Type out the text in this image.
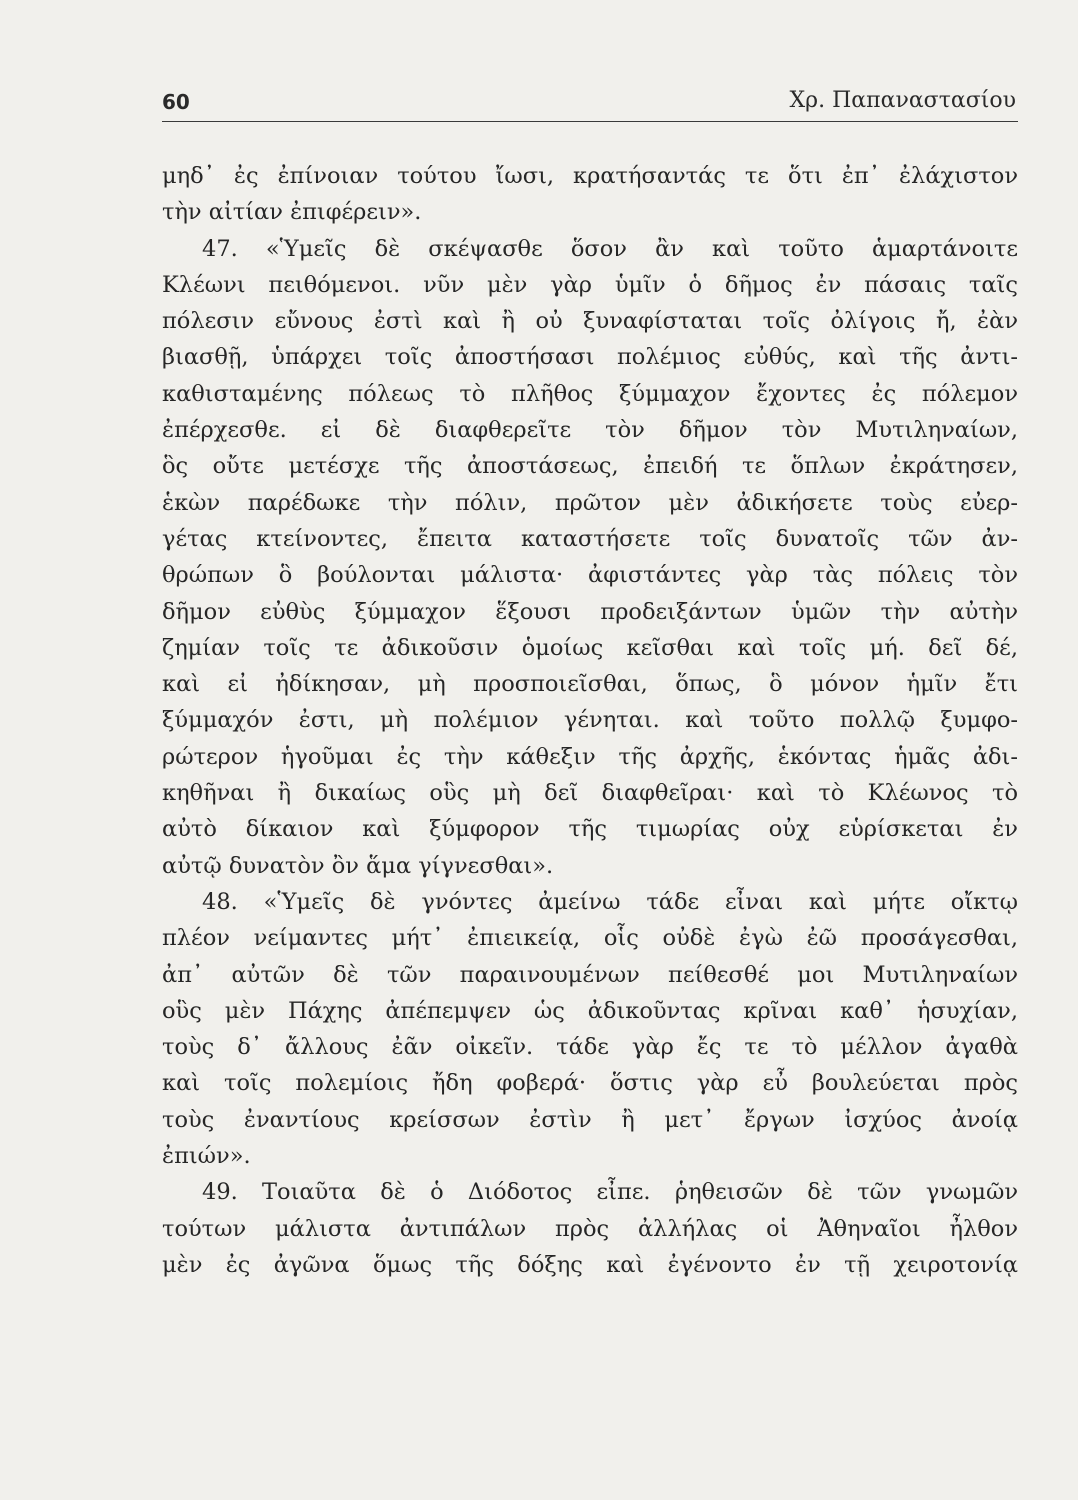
60	Χρ. Παπαναστασίου
μηδ᾽ ἐς ἐπίνοιαν τούτου ἴωσι, κρατήσαντάς τε ὅτι ἐπ᾽ ἐλάχιστον
τὴν αἰτίαν ἐπιφέρειν».
47. «Ὑμεῖς δὲ σκέψασθε ὅσον ἂν καὶ τοῦτο ἁμαρτάνοιτε
Κλέωνι πειθόμενοι. νῦν μὲν γὰρ ὑμῖν ὁ δῆμος ἐν πάσαις ταῖς
πόλεσιν εὔνους ἐστὶ καὶ ἢ οὐ ξυναφίσταται τοῖς ὀλίγοις ἤ, ἐὰν
βιασθῇ, ὑπάρχει τοῖς ἀποστήσασι πολέμιος εὐθύς, καὶ τῆς ἀντι-
καθισταμένης πόλεως τὸ πλῆθος ξύμμαχον ἔχοντες ἐς πόλεμον
ἐπέρχεσθε. εἰ δὲ διαφθερεῖτε τὸν δῆμον τὸν Μυτιληναίων,
ὃς οὔτε μετέσχε τῆς ἀποστάσεως, ἐπειδή τε ὅπλων ἐκράτησεν,
ἑκὼν παρέδωκε τὴν πόλιν, πρῶτον μὲν ἀδικήσετε τοὺς εὐερ-
γέτας κτείνοντες, ἔπειτα καταστήσετε τοῖς δυνατοῖς τῶν ἀν-
θρώπων ὃ βούλονται μάλιστα· ἀφιστάντες γὰρ τὰς πόλεις τὸν
δῆμον εὐθὺς ξύμμαχον ἕξουσι προδειξάντων ὑμῶν τὴν αὐτὴν
ζημίαν τοῖς τε ἀδικοῦσιν ὁμοίως κεῖσθαι καὶ τοῖς μή. δεῖ δέ,
καὶ εἰ ἠδίκησαν, μὴ προσποιεῖσθαι, ὅπως, ὃ μόνον ἡμῖν ἔτι
ξύμμαχόν ἐστι, μὴ πολέμιον γένηται. καὶ τοῦτο πολλῷ ξυμφο-
ρώτερον ἡγοῦμαι ἐς τὴν κάθεξιν τῆς ἀρχῆς, ἑκόντας ἡμᾶς ἀδι-
κηθῆναι ἢ δικαίως οὓς μὴ δεῖ διαφθεῖραι· καὶ τὸ Κλέωνος τὸ
αὐτὸ δίκαιον καὶ ξύμφορον τῆς τιμωρίας οὐχ εὑρίσκεται ἐν
αὐτῷ δυνατὸν ὂν ἅμα γίγνεσθαι».
48. «Ὑμεῖς δὲ γνόντες ἀμείνω τάδε εἶναι καὶ μήτε οἴκτῳ
πλέον νείμαντες μήτ᾽ ἐπιεικείᾳ, οἷς οὐδὲ ἐγὼ ἐῶ προσάγεσθαι,
ἀπ᾽ αὐτῶν δὲ τῶν παραινουμένων πείθεσθέ μοι Μυτιληναίων
οὓς μὲν Πάχης ἀπέπεμψεν ὡς ἀδικοῦντας κρῖναι καθ᾽ ἡσυχίαν,
τοὺς δ᾽ ἄλλους ἐᾶν οἰκεῖν. τάδε γὰρ ἔς τε τὸ μέλλον ἀγαθὰ
καὶ τοῖς πολεμίοις ἤδη φοβερά· ὅστις γὰρ εὖ βουλεύεται πρὸς
τοὺς ἐναντίους κρείσσων ἐστὶν ἢ μετ᾽ ἔργων ἰσχύος ἀνοίᾳ
ἐπιών».
49. Τοιαῦτα δὲ ὁ Διόδοτος εἶπε. ῥηθεισῶν δὲ τῶν γνωμῶν
τούτων μάλιστα ἀντιπάλων πρὸς ἀλλήλας οἱ Ἀθηναῖοι ἦλθον
μὲν ἐς ἀγῶνα ὅμως τῆς δόξης καὶ ἐγένοντο ἐν τῇ χειροτονίᾳ
